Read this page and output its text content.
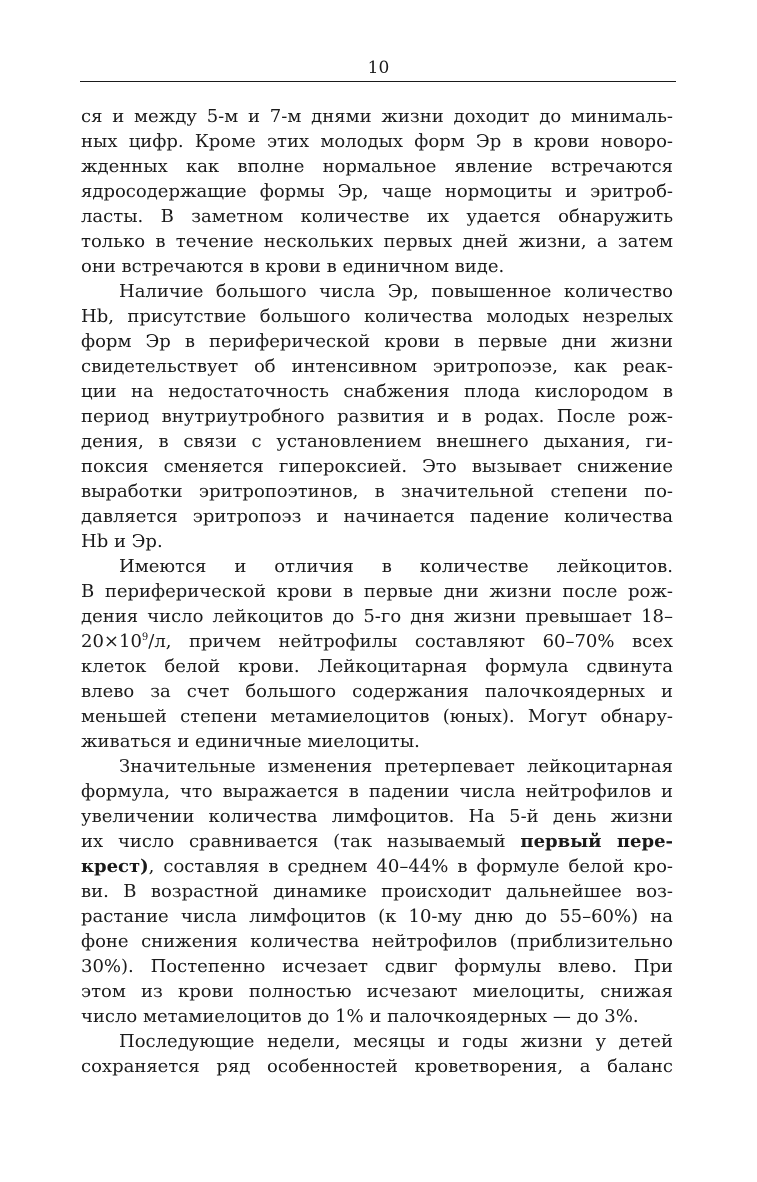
10
ся и между 5-м и 7-м днями жизни доходит до минималь-
ных цифр. Кроме этих молодых форм Эр в крови новоро-
жденных как вполне нормальное явление встречаются
ядросодержащие формы Эр, чаще нормоциты и эритроб-
ласты. В заметном количестве их удается обнаружить
только в течение нескольких первых дней жизни, а затем
они встречаются в крови в единичном виде.
Наличие большого числа Эр, повышенное количество
Hb, присутствие большого количества молодых незрелых
форм Эр в периферической крови в первые дни жизни
свидетельствует об интенсивном эритропоэзе, как реак-
ции на недостаточность снабжения плода кислородом в
период внутриутробного развития и в родах. После рож-
дения, в связи с установлением внешнего дыхания, ги-
поксия сменяется гипероксией. Это вызывает снижение
выработки эритропоэтинов, в значительной степени по-
давляется эритропоэз и начинается падение количества
Hb и Эр.
Имеются и отличия в количестве лейкоцитов.
В периферической крови в первые дни жизни после рож-
дения число лейкоцитов до 5-го дня жизни превышает 18–
$20\times 10^9/л$, причем нейтрофилы составляют 60–70% всех
клеток белой крови. Лейкоцитарная формула сдвинута
влево за счет большого содержания палочкоядерных и
меньшей степени метамиелоцитов (юных). Могут обнару-
живаться и единичные миелоциты.
Значительные изменения претерпевает лейкоцитарная
формула, что выражается в падении числа нейтрофилов и
увеличении количества лимфоцитов. На 5-й день жизни
их число сравнивается (так называемый первый пере-
крест), составляя в среднем 40–44% в формуле белой кро-
ви. В возрастной динамике происходит дальнейшее воз-
растание числа лимфоцитов (к 10-му дню до 55–60%) на
фоне снижения количества нейтрофилов (приблизительно
30%). Постепенно исчезает сдвиг формулы влево. При
этом из крови полностью исчезают миелоциты, снижая
число метамиелоцитов до 1% и палочкоядерных — до 3%.
Последующие недели, месяцы и годы жизни у детей
сохраняется ряд особенностей кроветворения, а баланс
